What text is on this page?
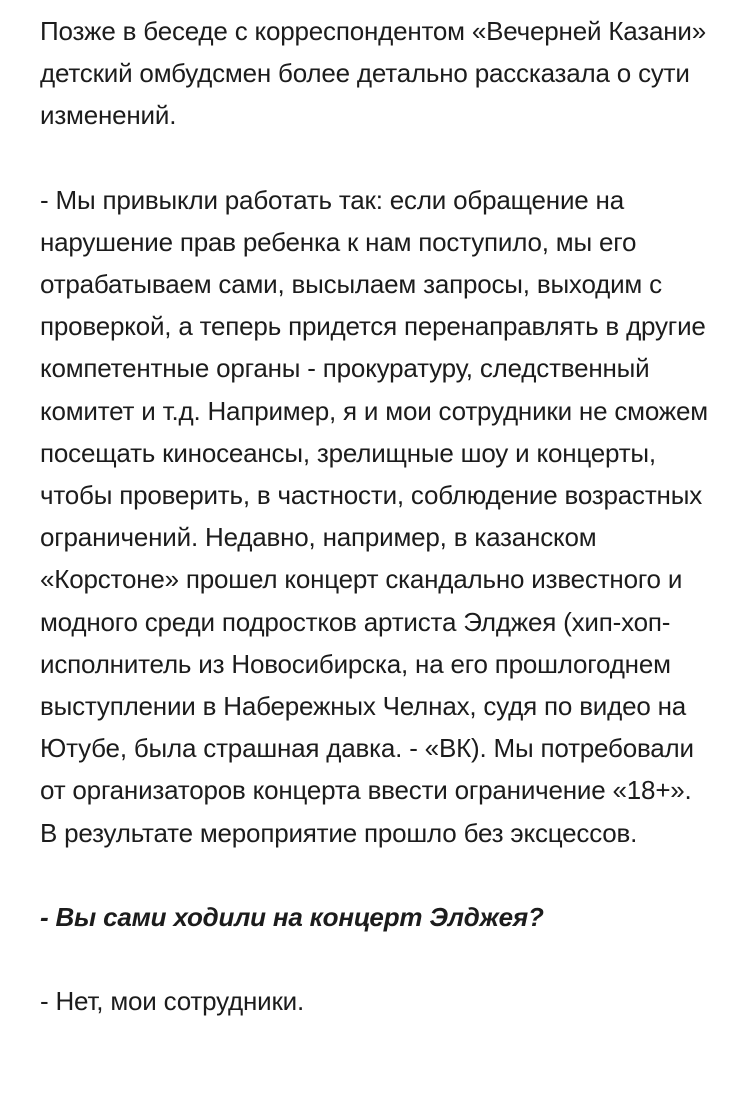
Позже в беседе с корреспондентом «Вечерней Казани» детский омбудсмен более детально рассказала о сути изменений.

- Мы привыкли работать так: если обращение на нарушение прав ребенка к нам поступило, мы его отрабатываем сами, высылаем запросы, выходим с проверкой, а теперь придется перенаправлять в другие компетентные органы - прокуратуру, следственный комитет и т.д. Например, я и мои сотрудники не сможем посещать киносеансы, зрелищные шоу и концерты, чтобы проверить, в частности, соблюдение возрастных ограничений. Недавно, например, в казанском «Корстоне» прошел концерт скандально известного и модного среди подростков артиста Элджея (хип-хоп-исполнитель из Новосибирска, на его прошлогоднем выступлении в Набережных Челнах, судя по видео на Ютубе, была страшная давка. - «ВК). Мы потребовали от организаторов концерта ввести ограничение «18+». В результате мероприятие прошло без эксцессов.

- Вы сами ходили на концерт Элджея?

- Нет, мои сотрудники.
